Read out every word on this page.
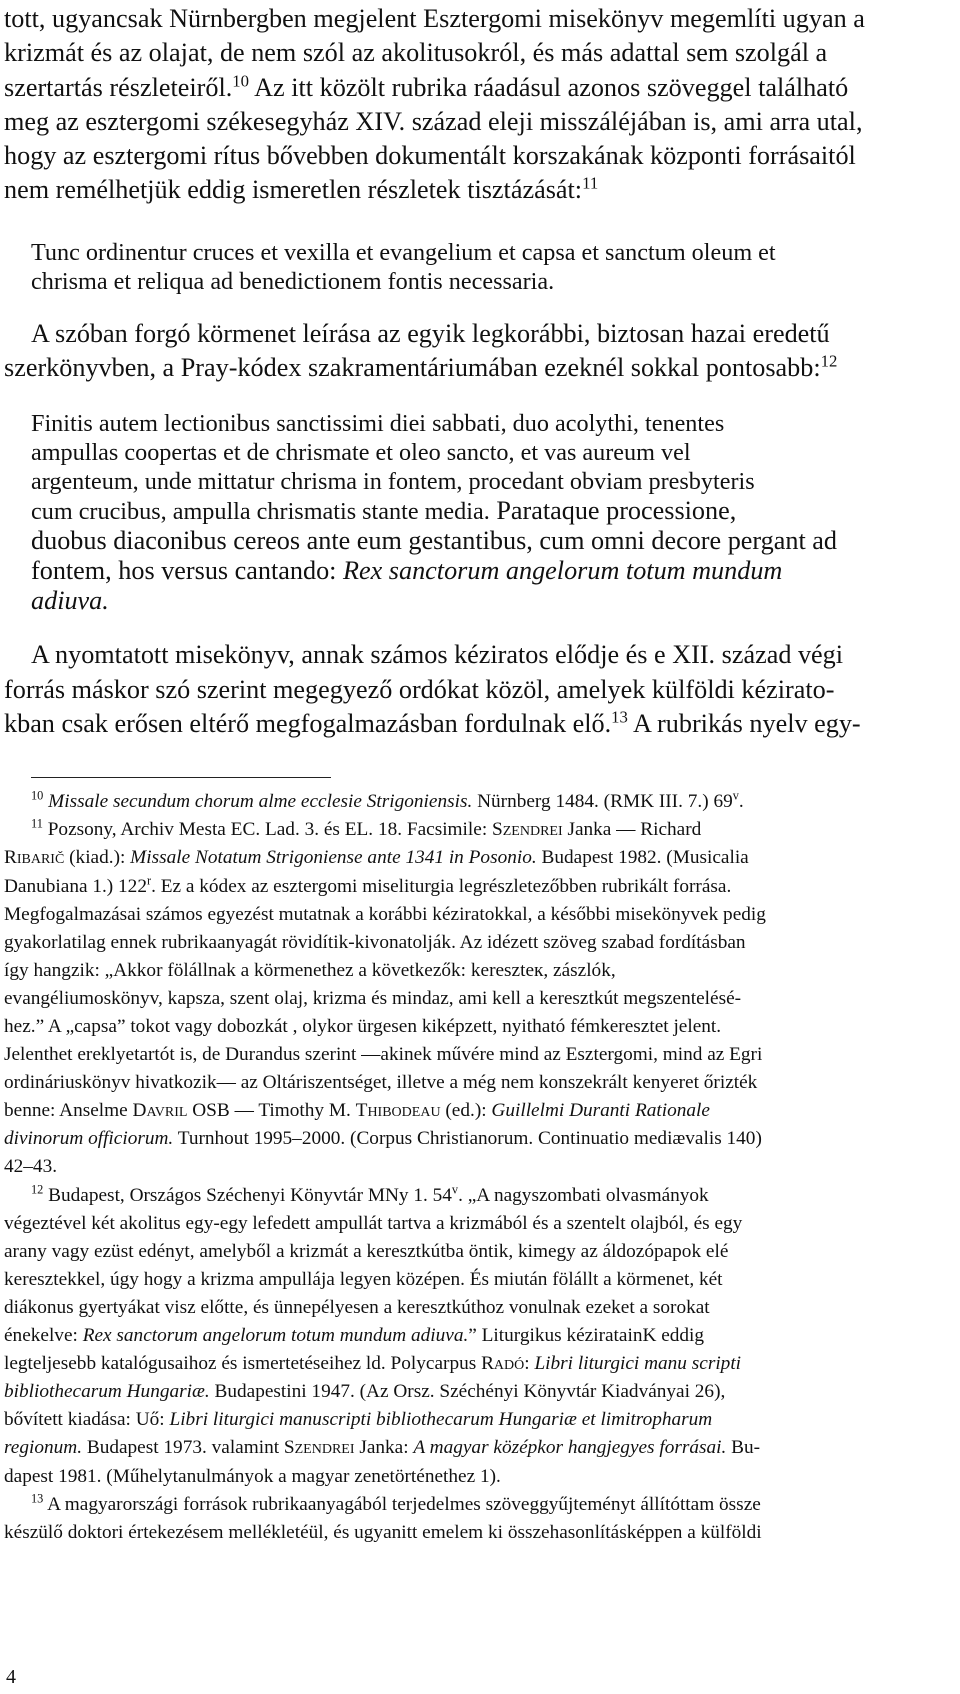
tott, ugyancsak Nürnbergben megjelent Esztergomi misekönyv megemlíti ugyan a
krizmát és az olajat, de nem szól az akolitusokról, és más adattal sem szolgál a
szertartás részleteiről.$^{10}$ Az itt közölt rubrika ráadásul azonos szöveggel található
meg az esztergomi székesegyház XIV. század eleji misszáléjában is, ami arra utal,
hogy az esztergomi rítus bővebben dokumentált korszakának központi forrásaitól
nem remélhetjük eddig ismeretlen részletek tisztázását:$^{11}$

Tunc ordinentur cruces et vexilla et evangelium et capsa et sanctum oleum et
chrisma et reliqua ad benedictionem fontis necessaria.
A szóban forgó körmenet leírása az egyik legkorábbi, biztosan hazai eredetű
szerkönyvben, a Pray-kódex szakramentáriumában ezeknél sokkal pontosabb:$^{12}$
Finitis autem lectionibus sanctissimi diei sabbati, duo acolythi, tenentes
ampullas coopertas et de chrismate et oleo sancto, et vas aureum vel
argenteum, unde mittatur chrisma in fontem, procedant obviam presbyteris
cum crucibus, ampulla chrismatis stante media. Parataque processione,
duobus diaconibus cereos ante eum gestantibus, cum omni decore pergant ad
fontem, hos versus cantando: Rex sanctorum angelorum totum mundum
adiuva.
A nyomtatott misekönyv, annak számos kéziratos elődje és e XII. század végi
forrás máskor szó szerint megegyező ordókat közöl, amelyek külföldi kézirato-
kban csak erősen eltérő megfogalmazásban fordulnak elő.$^{13}$ A rubrikás nyelv egy-

$^{10}$ Missale secundum chorum alme ecclesie Strigoniensis. Nürnberg 1484. (RMK III. 7.) 69$^v$.

$^{11}$ Pozsony, Archiv Mesta EC. Lad. 3. és EL. 18. Facsimile: Szendrei Janka — Richard
Ribarič (kiad.): Missale Notatum Strigoniense ante 1341 in Posonio. Budapest 1982. (Musicalia
Danubiana 1.) 122$^r$. Ez a kódex az esztergomi miseliturgia legrészletezőbben rubrikált forrása.
Megfogalmazásai számos egyezést mutatnak a korábbi kéziratokkal, a későbbi misekönyvek pedig
gyakorlatilag ennek rubrikaanyagát rövidítik-kivonatolják. Az idézett szöveg szabad fordításban
így hangzik: „Akkor fölállnak a körmenethez a következők: kereszteк, zászlók,
evangéliumoskönyv, kapsza, szent olaj, krizma és mindaz, ami kell a keresztkút megszentelésé-
hez.” A „capsa” tokot vagy dobozkát , olykor ürgesen kiképzett, nyitható fémkeresztet jelent.
Jelenthet ereklyetartót is, de Durandus szerint —akinek művére mind az Esztergomi, mind az Egri
ordináriuskönyv hivatkozik— az Oltáriszentséget, illetve a még nem konszekrált kenyeret őrizték
benne: Anselme Davril OSB — Timothy M. Thibodeau (ed.): Guillelmi Duranti Rationale
divinorum officiorum. Turnhout 1995–2000. (Corpus Christianorum. Continuatio mediævalis 140)
42–43.

$^{12}$ Budapest, Országos Széchenyi Könyvtár MNy 1. 54$^v$. „A nagyszombati olvasmányok
végeztével két akolitus egy-egy lefedett ampullát tartva a krizmából és a szentelt olajból, és egy
arany vagy ezüst edényt, amelyből a krizmát a keresztkútba öntik, kimegy az áldozópapok elé
keresztekkel, úgy hogy a krizma ampullája legyen középen. És miután fölállt a körmenet, két
diákonus gyertyákat visz előtte, és ünnepélyesen a keresztkúthoz vonulnak ezeket a sorokat
énekelve: Rex sanctorum angelorum totum mundum adiuva.” Liturgikus kéziratainK eddig
legteljesebb katalógusaihoz és ismertetéseihez ld. Polycarpus Radó: Libri liturgici manu scripti
bibliothecarum Hungariæ. Budapestini 1947. (Az Orsz. Széchényi Könyvtár Kiadványai 26),
bővített kiadása: Uő: Libri liturgici manuscripti bibliothecarum Hungariæ et limitropharum
regionum. Budapest 1973. valamint Szendrei Janka: A magyar középkor hangjegyes forrásai. Bu-
dapest 1981. (Műhelytanulmányok a magyar zenetörténethez 1).

$^{13}$ A magyarországi források rubrikaanyagából terjedelmes szöveggyűjteményt állítóttam össze
készülő doktori értekezésem mellékletéül, és ugyanitt emelem ki összehasonlításképpen a külföldi

4
